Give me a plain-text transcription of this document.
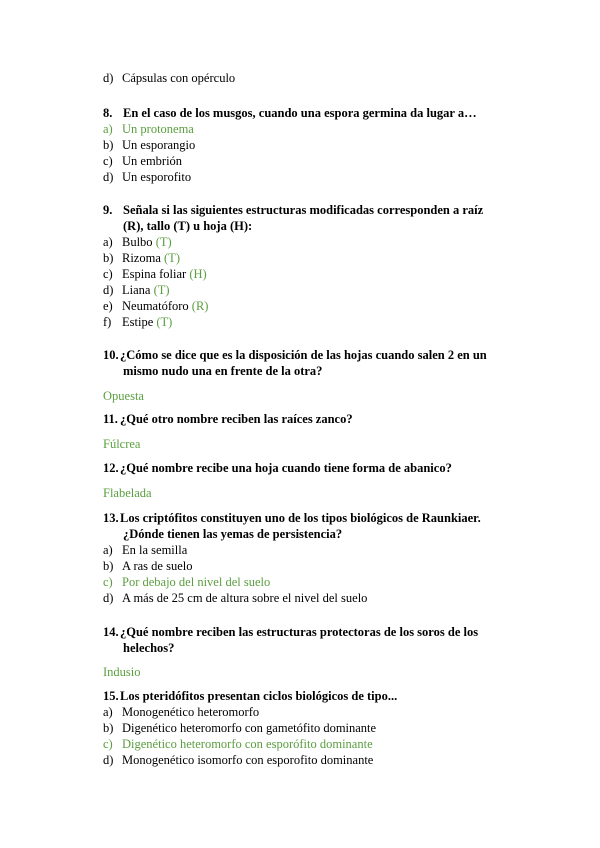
d) Cápsulas con opérculo
8. En el caso de los musgos, cuando una espora germina da lugar a…
a) Un protonema
b) Un esporangio
c) Un embrión
d) Un esporofito
9. Señala si las siguientes estructuras modificadas corresponden a raíz
(R), tallo (T) u hoja (H):
a) Bulbo (T)
b) Rizoma (T)
c) Espina foliar (H)
d) Liana (T)
e) Neumatóforo (R)
f) Estipe (T)
10.¿Cómo se dice que es la disposición de las hojas cuando salen 2 en un
mismo nudo una en frente de la otra?
Opuesta
11. ¿Qué otro nombre reciben las raíces zanco?
Fúlcrea
12.¿Qué nombre recibe una hoja cuando tiene forma de abanico?
Flabelada
13.Los criptófitos constituyen uno de los tipos biológicos de Raunkiaer.
¿Dónde tienen las yemas de persistencia?
a) En la semilla
b) A ras de suelo
c) Por debajo del nivel del suelo
d) A más de 25 cm de altura sobre el nivel del suelo
14.¿Qué nombre reciben las estructuras protectoras de los soros de los
helechos?
Indusio
15.Los pteridófitos presentan ciclos biológicos de tipo...
a) Monogenético heteromorfo
b) Digenético heteromorfo con gametófito dominante
c) Digenético heteromorfo con esporófito dominante
d) Monogenético isomorfo con esporofito dominante
